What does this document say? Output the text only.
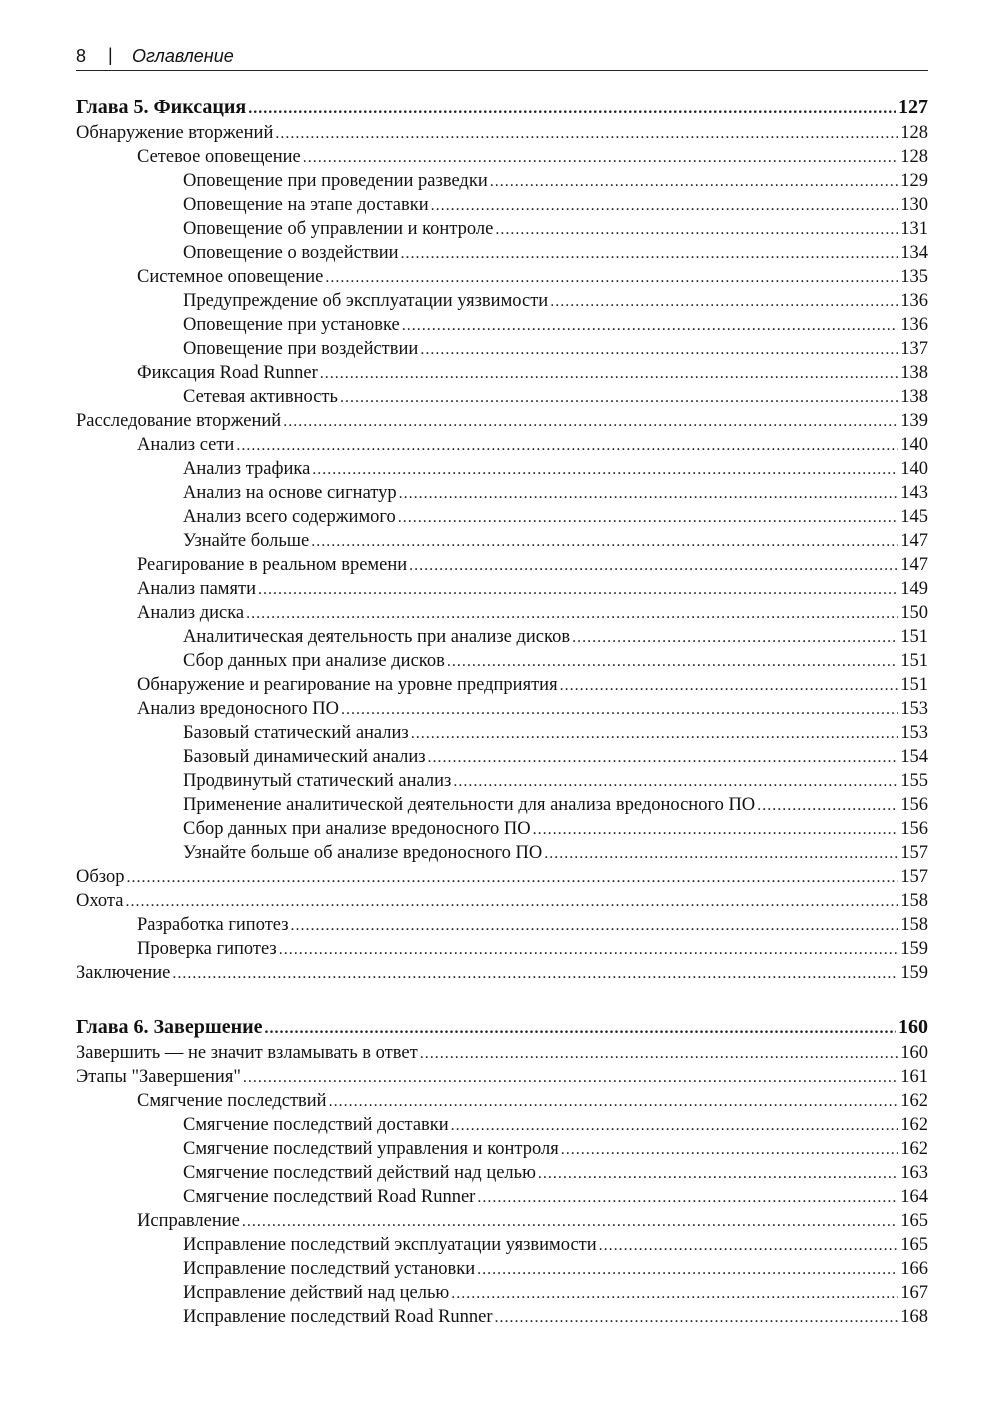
8 | Оглавление
Глава 5. Фиксация .....	127
Обнаружение вторжений .....	128
Сетевое оповещение .....	128
Оповещение при проведении разведки .....	129
Оповещение на этапе доставки .....	130
Оповещение об управлении и контроле .....	131
Оповещение о воздействии .....	134
Системное оповещение .....	135
Предупреждение об эксплуатации уязвимости .....	136
Оповещение при установке .....	136
Оповещение при воздействии .....	137
Фиксация Road Runner .....	138
Сетевая активность .....	138
Расследование вторжений .....	139
Анализ сети .....	140
Анализ трафика .....	140
Анализ на основе сигнатур .....	143
Анализ всего содержимого .....	145
Узнайте больше .....	147
Реагирование в реальном времени .....	147
Анализ памяти .....	149
Анализ диска .....	150
Аналитическая деятельность при анализе дисков .....	151
Сбор данных при анализе дисков .....	151
Обнаружение и реагирование на уровне предприятия .....	151
Анализ вредоносного ПО .....	153
Базовый статический анализ .....	153
Базовый динамический анализ .....	154
Продвинутый статический анализ .....	155
Применение аналитической деятельности для анализа вредоносного ПО .....	156
Сбор данных при анализе вредоносного ПО .....	156
Узнайте больше об анализе вредоносного ПО .....	157
Обзор .....	157
Охота .....	158
Разработка гипотез .....	158
Проверка гипотез .....	159
Заключение .....	159
Глава 6. Завершение .....	160
Завершить — не значит взламывать в ответ .....	160
Этапы "Завершения" .....	161
Смягчение последствий .....	162
Смягчение последствий доставки .....	162
Смягчение последствий управления и контроля .....	162
Смягчение последствий действий над целью .....	163
Смягчение последствий Road Runner .....	164
Исправление .....	165
Исправление последствий эксплуатации уязвимости .....	165
Исправление последствий установки .....	166
Исправление действий над целью .....	167
Исправление последствий Road Runner .....	168
